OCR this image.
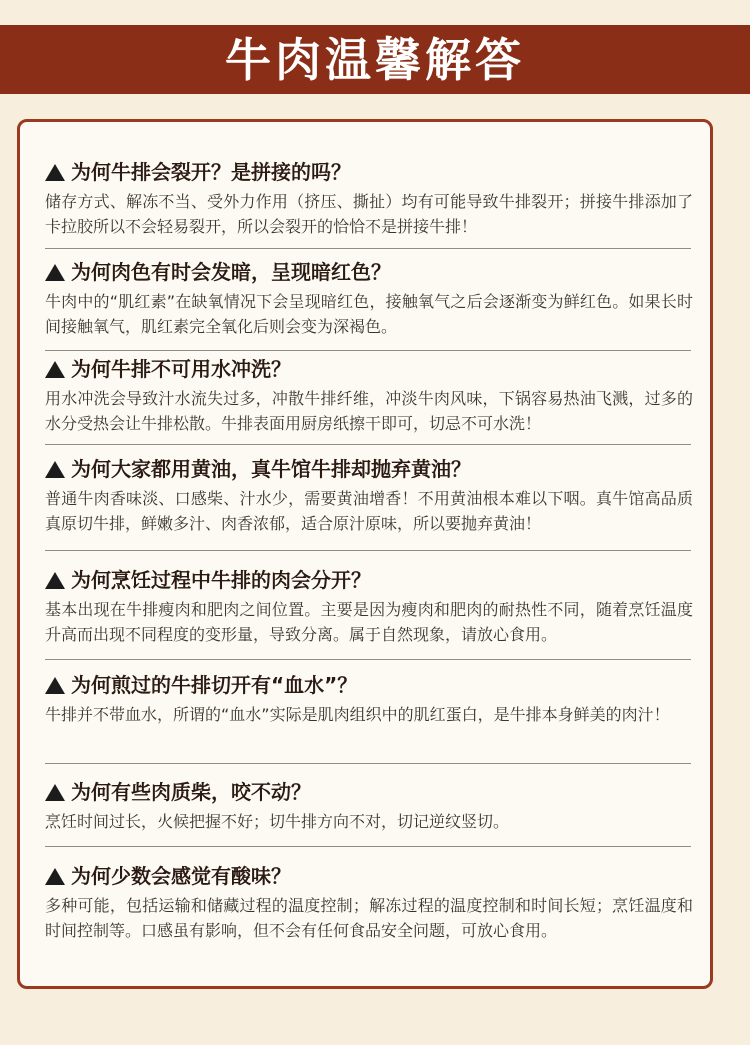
牛肉温馨解答
为何牛排会裂开？是拼接的吗？
储存方式、解冻不当、受外力作用（挤压、撕扯）均有可能导致牛排裂开；拼接牛排添加了卡拉胶所以不会轻易裂开，所以会裂开的恰恰不是拼接牛排！
为何肉色有时会发暗，呈现暗红色？
牛肉中的“肌红素”在缺氧情况下会呈现暗红色，接触氧气之后会逐渐变为鲜红色。如果长时间接触氧气，肌红素完全氧化后则会变为深褐色。
为何牛排不可用水冲洗？
用水冲洗会导致汁水流失过多，冲散牛排纤维，冲淡牛肉风味，下锅容易热油飞溅，过多的水分受热会让牛排松散。牛排表面用厨房纸擦干即可，切忌不可水洗！
为何大家都用黄油，真牛馆牛排却抛弃黄油？
普通牛肉香味淡、口感柴、汁水少，需要黄油增香！不用黄油根本难以下咽。真牛馆高品质真原切牛排，鲜嫩多汁、肉香浓郁，适合原汁原味，所以要抛弃黄油！
为何烹饪过程中牛排的肉会分开？
基本出现在牛排瘦肉和肥肉之间位置。主要是因为瘦肉和肥肉的耐热性不同，随着烹饪温度升高而出现不同程度的变形量，导致分离。属于自然现象，请放心食用。
为何煎过的牛排切开有“血水”？
牛排并不带血水，所谓的“血水”实际是肌肉组织中的肌红蛋白，是牛排本身鲜美的肉汁！
为何有些肉质柴，咬不动？
烹饪时间过长，火候把握不好；切牛排方向不对，切记逆纹竖切。
为何少数会感觉有酸味？
多种可能，包括运输和储藏过程的温度控制；解冻过程的温度控制和时间长短；烹饪温度和时间控制等。口感虽有影响，但不会有任何食品安全问题，可放心食用。
